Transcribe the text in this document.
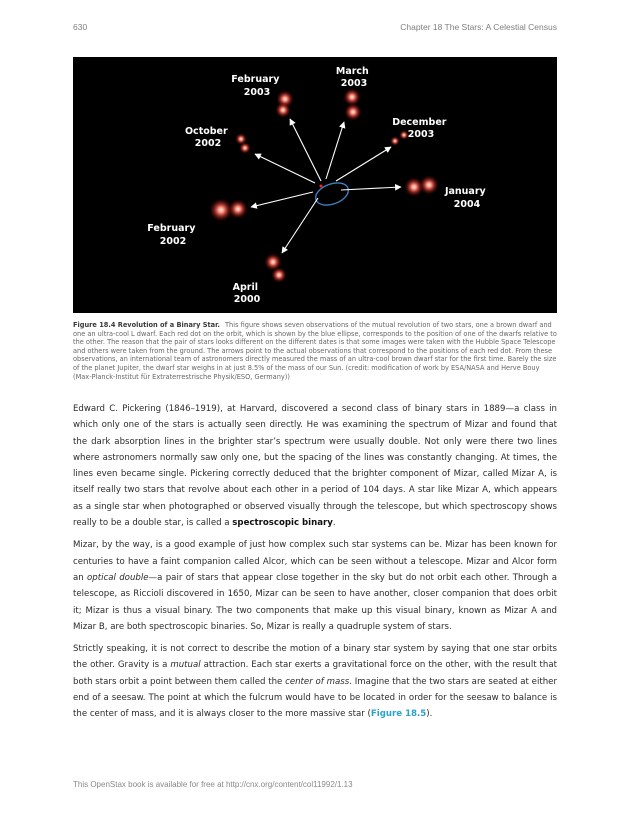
630	Chapter 18 The Stars: A Celestial Census
February 2003
March 2003
October 2002
December 2003
January 2004
February 2002
April 2000
Figure 18.4 Revolution of a Binary Star. This figure shows seven observations of the mutual revolution of two stars, one a brown dwarf and one an ultra-cool L dwarf. Each red dot on the orbit, which is shown by the blue ellipse, corresponds to the position of one of the dwarfs relative to the other. The reason that the pair of stars looks different on the different dates is that some images were taken with the Hubble Space Telescope and others were taken from the ground. The arrows point to the actual observations that correspond to the positions of each red dot. From these observations, an international team of astronomers directly measured the mass of an ultra-cool brown dwarf star for the first time. Barely the size of the planet Jupiter, the dwarf star weighs in at just 8.5% of the mass of our Sun. (credit: modification of work by ESA/NASA and Herve Bouy (Max-Planck-Institut für Extraterrestrische Physik/ESO, Germany))

Edward C. Pickering (1846–1919), at Harvard, discovered a second class of binary stars in 1889—a class in which only one of the stars is actually seen directly. He was examining the spectrum of Mizar and found that the dark absorption lines in the brighter star’s spectrum were usually double. Not only were there two lines where astronomers normally saw only one, but the spacing of the lines was constantly changing. At times, the lines even became single. Pickering correctly deduced that the brighter component of Mizar, called Mizar A, is itself really two stars that revolve about each other in a period of 104 days. A star like Mizar A, which appears as a single star when photographed or observed visually through the telescope, but which spectroscopy shows really to be a double star, is called a spectroscopic binary.

Mizar, by the way, is a good example of just how complex such star systems can be. Mizar has been known for centuries to have a faint companion called Alcor, which can be seen without a telescope. Mizar and Alcor form an optical double—a pair of stars that appear close together in the sky but do not orbit each other. Through a telescope, as Riccioli discovered in 1650, Mizar can be seen to have another, closer companion that does orbit it; Mizar is thus a visual binary. The two components that make up this visual binary, known as Mizar A and Mizar B, are both spectroscopic binaries. So, Mizar is really a quadruple system of stars.

Strictly speaking, it is not correct to describe the motion of a binary star system by saying that one star orbits the other. Gravity is a mutual attraction. Each star exerts a gravitational force on the other, with the result that both stars orbit a point between them called the center of mass. Imagine that the two stars are seated at either end of a seesaw. The point at which the fulcrum would have to be located in order for the seesaw to balance is the center of mass, and it is always closer to the more massive star (Figure 18.5).

This OpenStax book is available for free at http://cnx.org/content/col11992/1.13
